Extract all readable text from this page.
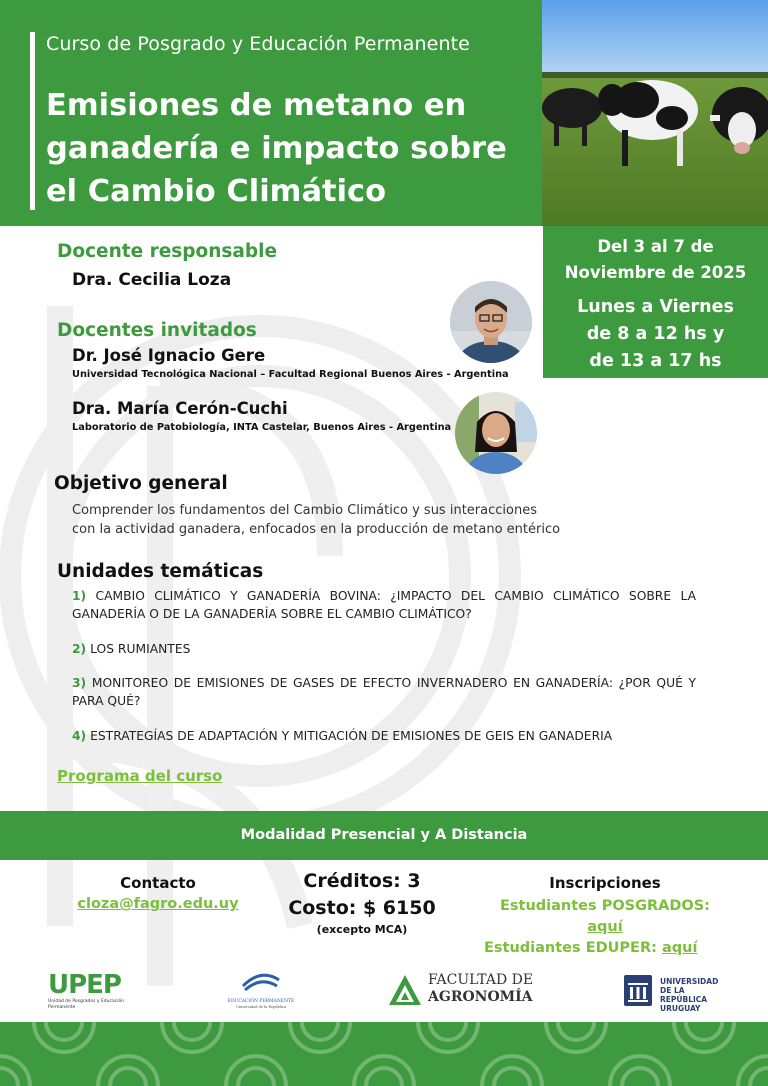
Curso de Posgrado y Educación Permanente
Emisiones de metano en
ganadería e impacto sobre
el Cambio Climático
Del 3 al 7 de
Noviembre de 2025
Lunes a Viernes
de 8 a 12 hs y
de 13 a 17 hs
Docente responsable
Dra. Cecilia Loza
Docentes invitados
Dr. José Ignacio Gere
Universidad Tecnológica Nacional – Facultad Regional Buenos Aires - Argentina
Dra. María Cerón-Cuchi
Laboratorio de Patobiología, INTA Castelar, Buenos Aires - Argentina
Objetivo general
Comprender los fundamentos del Cambio Climático y sus interacciones
con la actividad ganadera, enfocados en la producción de metano entérico
Unidades temáticas
1) CAMBIO CLIMÁTICO Y GANADERÍA BOVINA: ¿IMPACTO DEL CAMBIO CLIMÁTICO SOBRE LA GANADERÍA O DE LA GANADERÍA SOBRE EL CAMBIO CLIMÁTICO?
2) LOS RUMIANTES
3) MONITOREO DE EMISIONES DE GASES DE EFECTO INVERNADERO EN GANADERÍA: ¿POR QUÉ Y PARA QUÉ?
4) ESTRATEGÍAS DE ADAPTACIÓN Y MITIGACIÓN DE EMISIONES DE GEIS EN GANADERIA
Programa del curso
Modalidad Presencial y A Distancia
Contacto
cloza@fagro.edu.uy
Créditos: 3
Costo: $ 6150
(excepto MCA)
Inscripciones
Estudiantes POSGRADOS: aquí
Estudiantes EDUPER: aquí
UPEP
Unidad de Posgrados y Educación Permanente
EDUCACIÓN PERMANENTE
Universidad de la República
FACULTAD DE
AGRONOMÍA
UNIVERSIDAD
DE LA REPÚBLICA
URUGUAY
